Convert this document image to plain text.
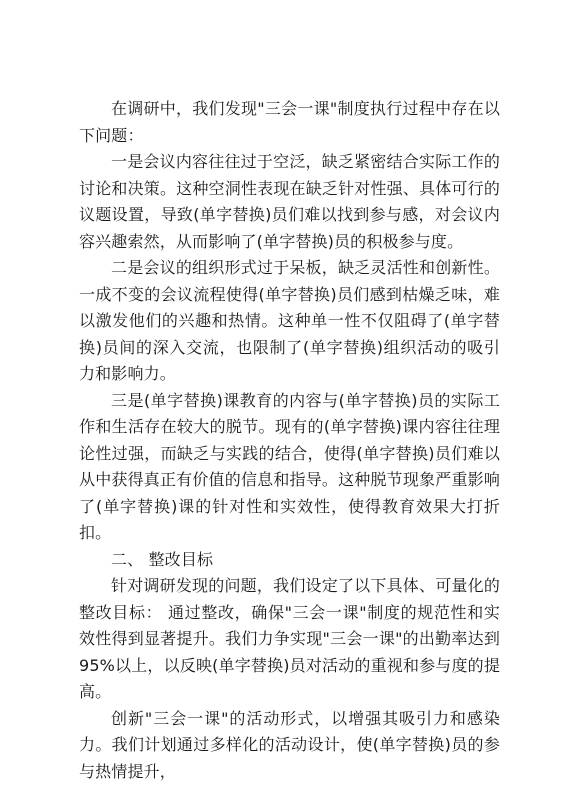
在调研中，我们发现"三会一课"制度执行过程中存在以下问题：

一是会议内容往往过于空泛，缺乏紧密结合实际工作的讨论和决策。这种空洞性表现在缺乏针对性强、具体可行的议题设置，导致(单字替换)员们难以找到参与感，对会议内容兴趣索然，从而影响了(单字替换)员的积极参与度。

二是会议的组织形式过于呆板，缺乏灵活性和创新性。一成不变的会议流程使得(单字替换)员们感到枯燥乏味，难以激发他们的兴趣和热情。这种单一性不仅阻碍了(单字替换)员间的深入交流，也限制了(单字替换)组织活动的吸引力和影响力。

三是(单字替换)课教育的内容与(单字替换)员的实际工作和生活存在较大的脱节。现有的(单字替换)课内容往往理论性过强，而缺乏与实践的结合，使得(单字替换)员们难以从中获得真正有价值的信息和指导。这种脱节现象严重影响了(单字替换)课的针对性和实效性，使得教育效果大打折扣。

二、 整改目标

针对调研发现的问题，我们设定了以下具体、可量化的整改目标： 通过整改，确保"三会一课"制度的规范性和实效性得到显著提升。我们力争实现"三会一课"的出勤率达到95%以上，以反映(单字替换)员对活动的重视和参与度的提高。

创新"三会一课"的活动形式，以增强其吸引力和感染力。我们计划通过多样化的活动设计，使(单字替换)员的参与热情提升，
